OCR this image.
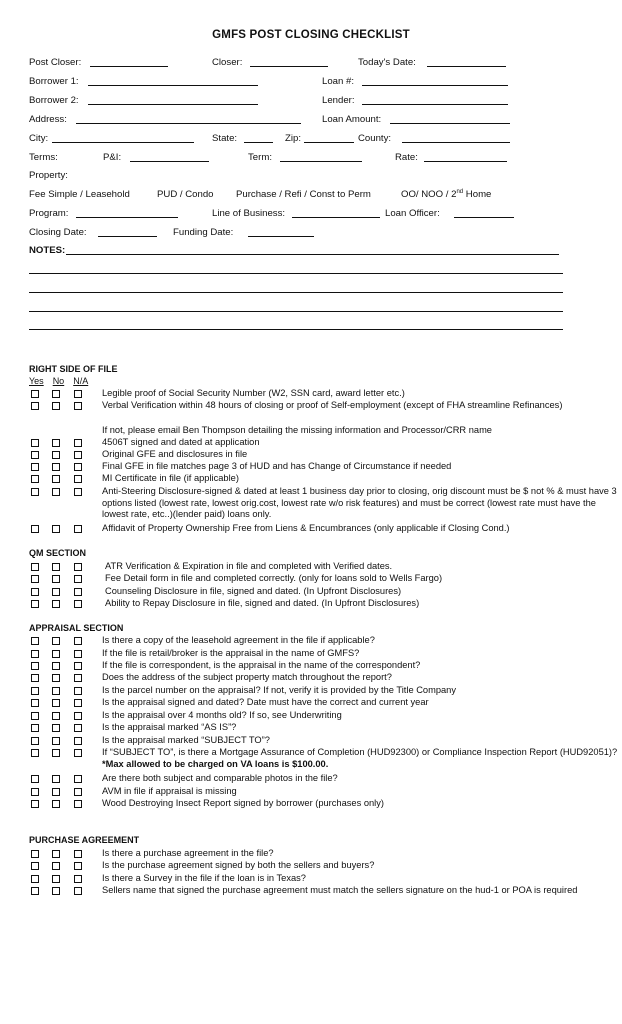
GMFS POST CLOSING CHECKLIST
Post Closer:	Closer:	Today's Date:
Borrower 1:	Loan #:
Borrower 2:	Lender:
Address:	Loan Amount:
City:	State:	Zip:	County:
Terms:	P&I:	Term:	Rate:
Property:
Fee Simple / Leasehold	PUD / Condo Purchase / Refi / Const to Perm	OO/ NOO / 2nd Home
Program:	Line of Business:	Loan Officer:
Closing Date:	Funding Date:
NOTES:
RIGHT SIDE OF FILE
Yes No N/A
Legible proof of Social Security Number (W2, SSN card, award letter etc.)
Verbal Verification within 48 hours of closing or proof of Self-employment (except of FHA streamline Refinances)
If not, please email Ben Thompson detailing the missing information and Processor/CRR name
4506T signed and dated at application
Original GFE and disclosures in file
Final GFE in file matches page 3 of HUD and has Change of Circumstance if needed
MI Certificate in file (if applicable)
Anti-Steering Disclosure-signed & dated at least 1 business day prior to closing, orig discount must be $ not % & must have 3 options listed (lowest rate, lowest orig.cost, lowest rate w/o risk features) and must be correct (lowest rate must have the lowest rate, etc..)(lender paid) loans only.
Affidavit of Property Ownership Free from Liens & Encumbrances (only applicable if Closing Cond.)
QM SECTION
ATR Verification & Expiration in file and completed with Verified dates.
Fee Detail form in file and completed correctly. (only for loans sold to Wells Fargo)
Counseling Disclosure in file, signed and dated. (In Upfront Disclosures)
Ability to Repay Disclosure in file, signed and dated. (In Upfront Disclosures)
APPRAISAL SECTION
Is there a copy of the leasehold agreement in the file if applicable?
If the file is retail/broker is the appraisal in the name of GMFS?
If the file is correspondent, is the appraisal in the name of the correspondent?
Does the address of the subject property match throughout the report?
Is the parcel number on the appraisal? If not, verify it is provided by the Title Company
Is the appraisal signed and dated? Date must have the correct and current year
Is the appraisal over 4 months old? If so, see Underwriting
Is the appraisal marked “AS IS”?
Is the appraisal marked “SUBJECT TO”?
If “SUBJECT TO”, is there a Mortgage Assurance of Completion (HUD92300) or Compliance Inspection Report (HUD92051)? *Max allowed to be charged on VA loans is $100.00.
Are there both subject and comparable photos in the file?
AVM in file if appraisal is missing
Wood Destroying Insect Report signed by borrower (purchases only)
PURCHASE AGREEMENT
Is there a purchase agreement in the file?
Is the purchase agreement signed by both the sellers and buyers?
Is there a Survey in the file if the loan is in Texas?
Sellers name that signed the purchase agreement must match the sellers signature on the hud-1 or POA is required
